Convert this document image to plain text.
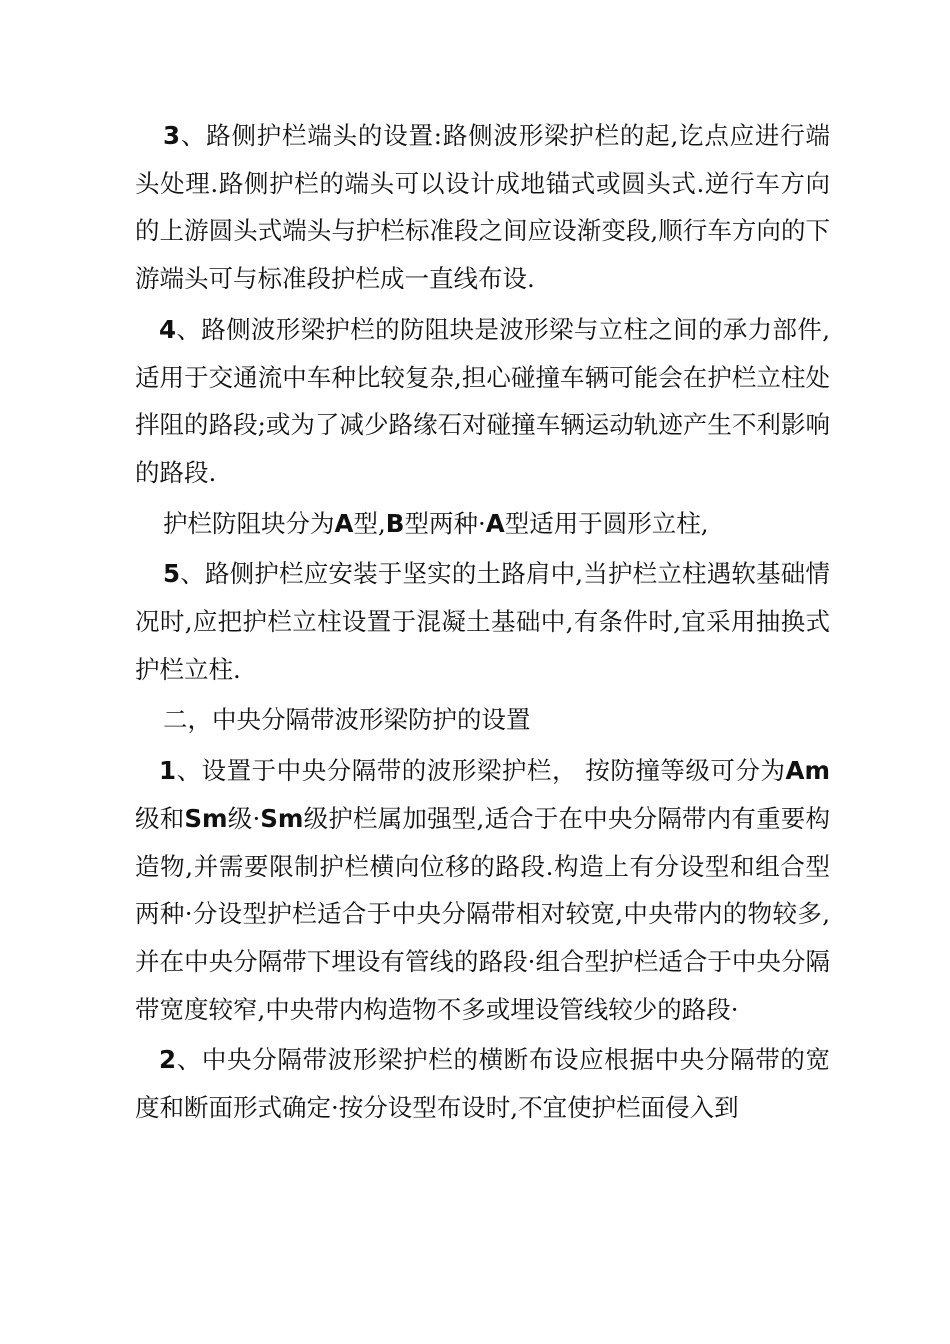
3、路侧护栏端头的设置:路侧波形梁护栏的起,讫点应进行端头处理.路侧护栏的端头可以设计成地锚式或圆头式.逆行车方向的上游圆头式端头与护栏标准段之间应设渐变段,顺行车方向的下游端头可与标准段护栏成一直线布设.

4、路侧波形梁护栏的防阻块是波形梁与立柱之间的承力部件,适用于交通流中车种比较复杂,担心碰撞车辆可能会在护栏立柱处拌阻的路段;或为了减少路缘石对碰撞车辆运动轨迹产生不利影响的路段.

护栏防阻块分为A型,B型两种·A型适用于圆形立柱,

5、路侧护栏应安装于坚实的土路肩中,当护栏立柱遇软基础情况时,应把护栏立柱设置于混凝土基础中,有条件时,宜采用抽换式护栏立柱.

二，中央分隔带波形梁防护的设置

1、设置于中央分隔带的波形梁护栏， 按防撞等级可分为Am级和Sm级·Sm级护栏属加强型,适合于在中央分隔带内有重要构造物,并需要限制护栏横向位移的路段.构造上有分设型和组合型两种·分设型护栏适合于中央分隔带相对较宽,中央带内的物较多,并在中央分隔带下埋设有管线的路段·组合型护栏适合于中央分隔带宽度较窄,中央带内构造物不多或埋设管线较少的路段·

2、中央分隔带波形梁护栏的横断布设应根据中央分隔带的宽度和断面形式确定·按分设型布设时,不宜使护栏面侵入到
